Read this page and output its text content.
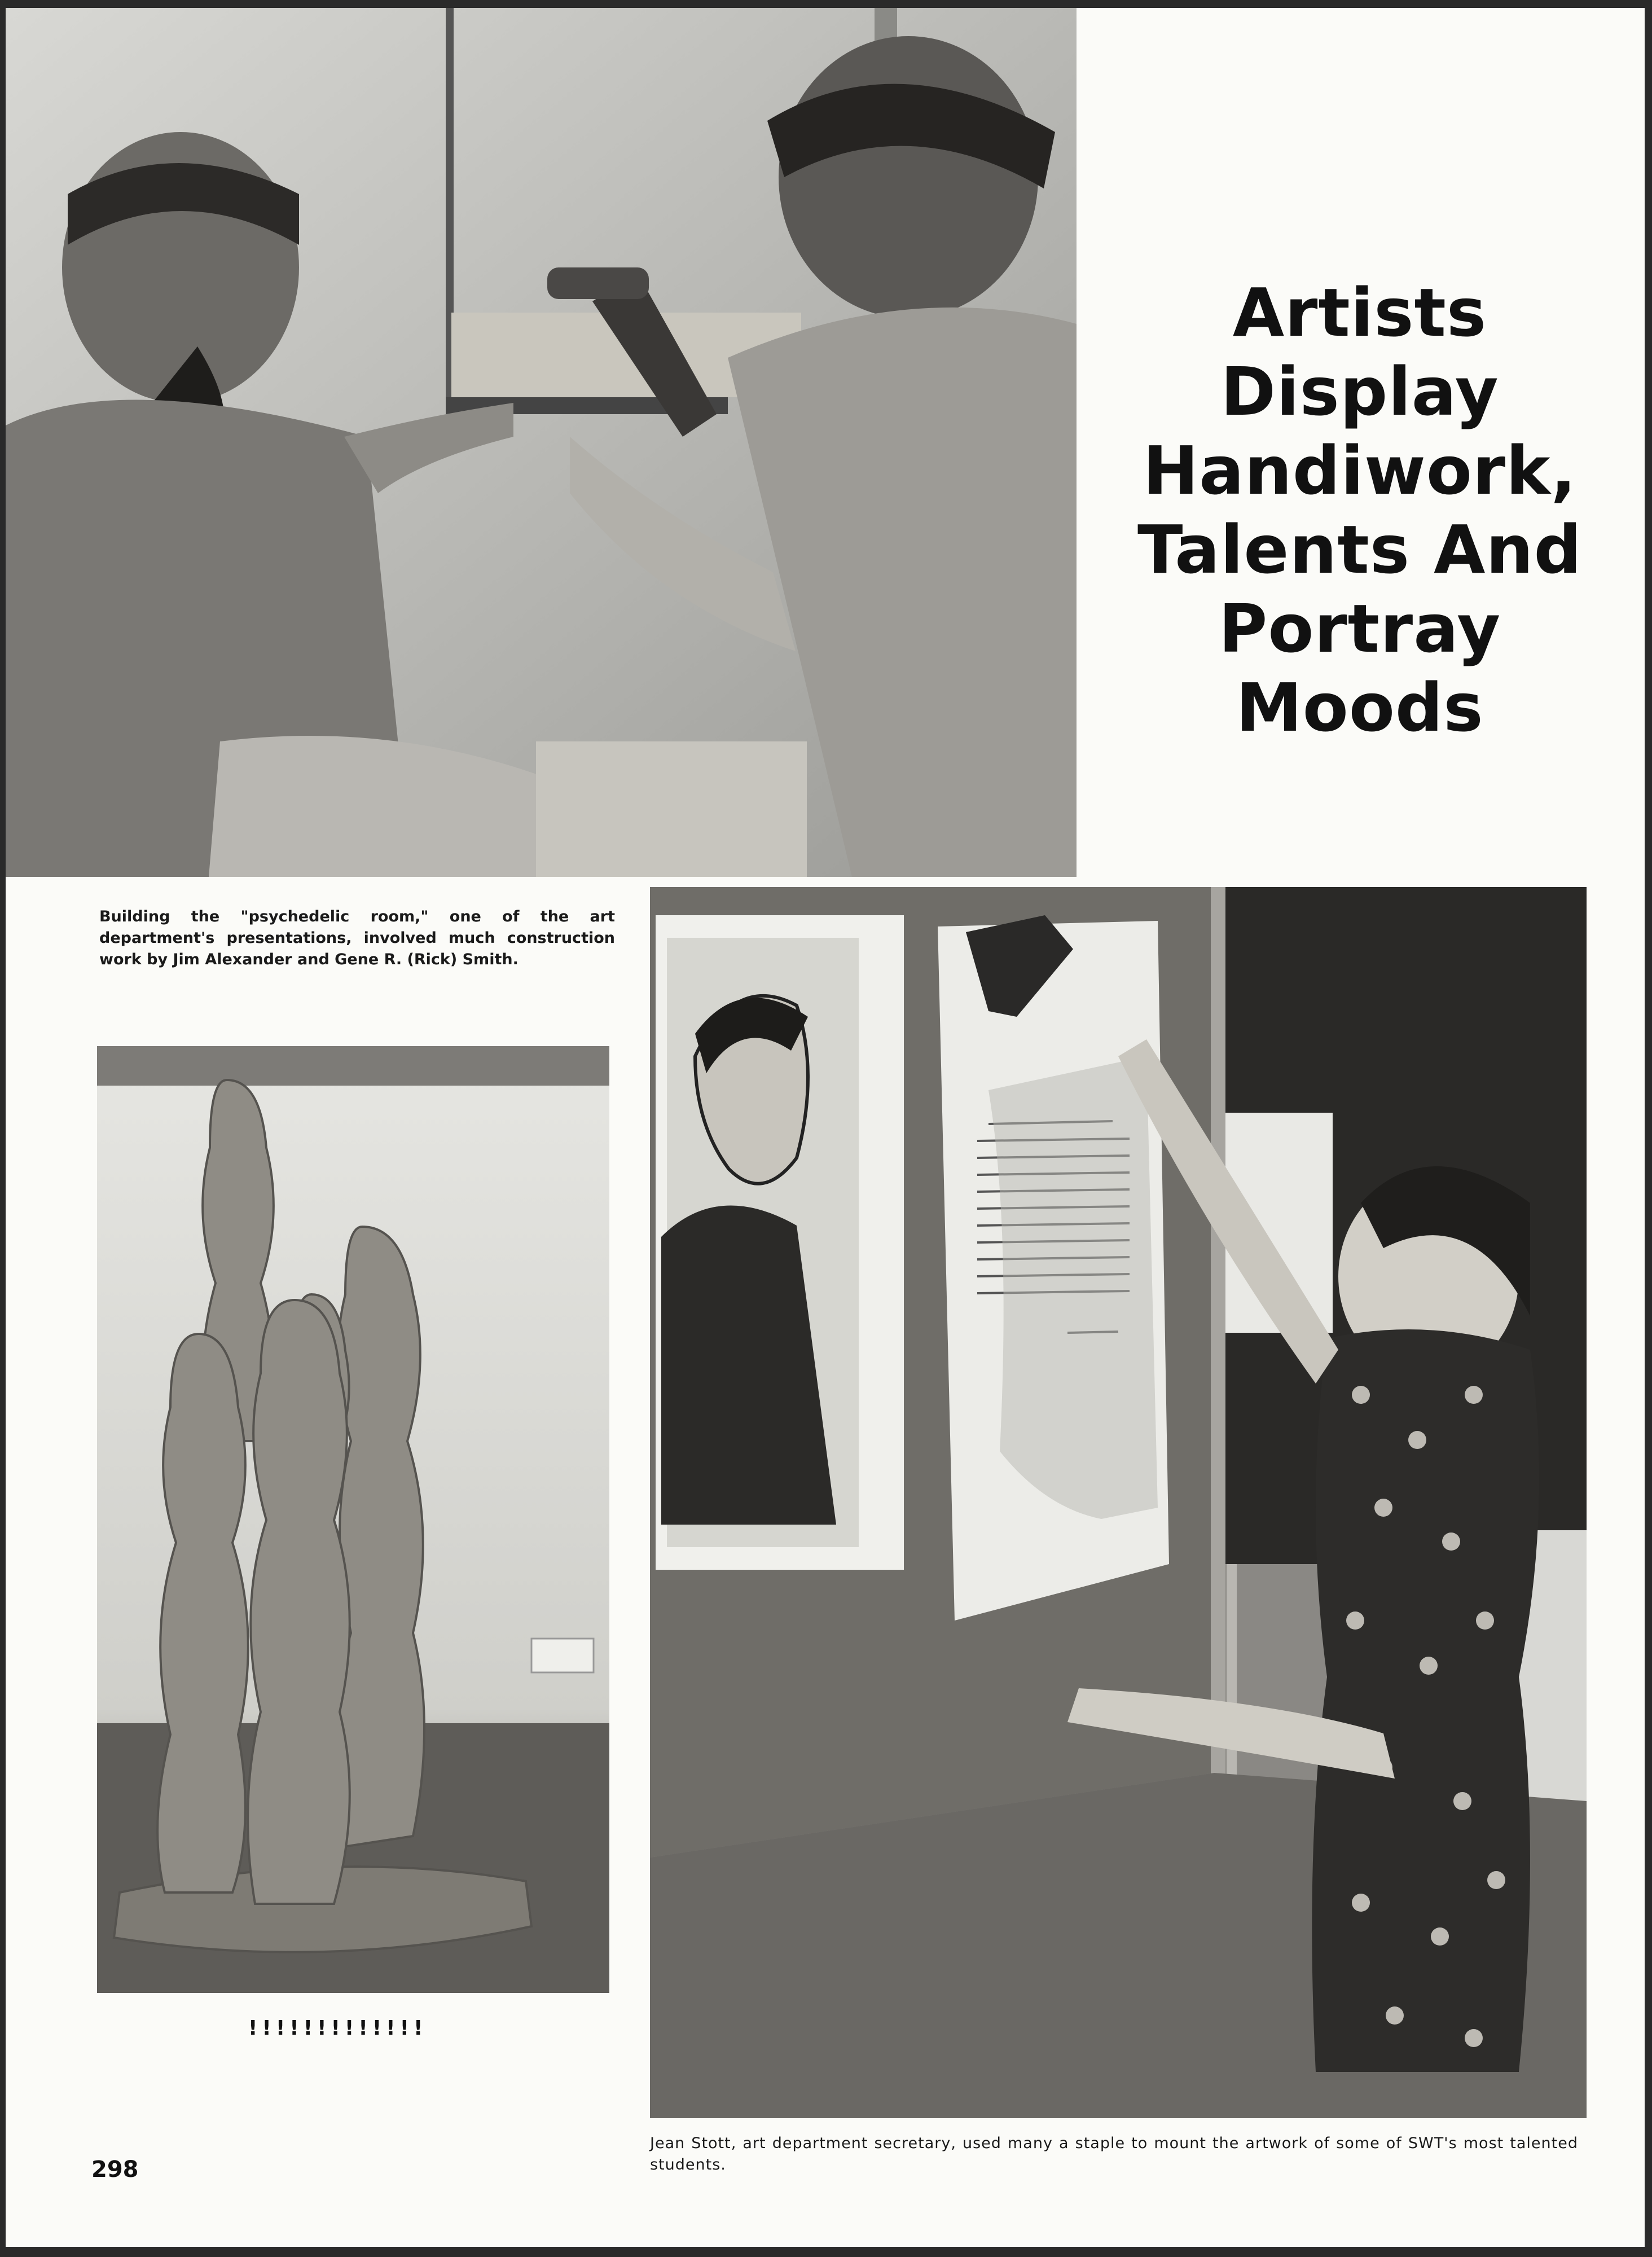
Artists Display
Handiwork,
Talents And
Portray Moods
Building the "psychedelic room," one of the art department's presentations, involved much construction work by Jim Alexander and Gene R. (Rick) Smith.
!!!!!!!!!!!!!
Jean Stott, art department secretary, used many a staple to mount the artwork of some of SWT's most talented students.
298
